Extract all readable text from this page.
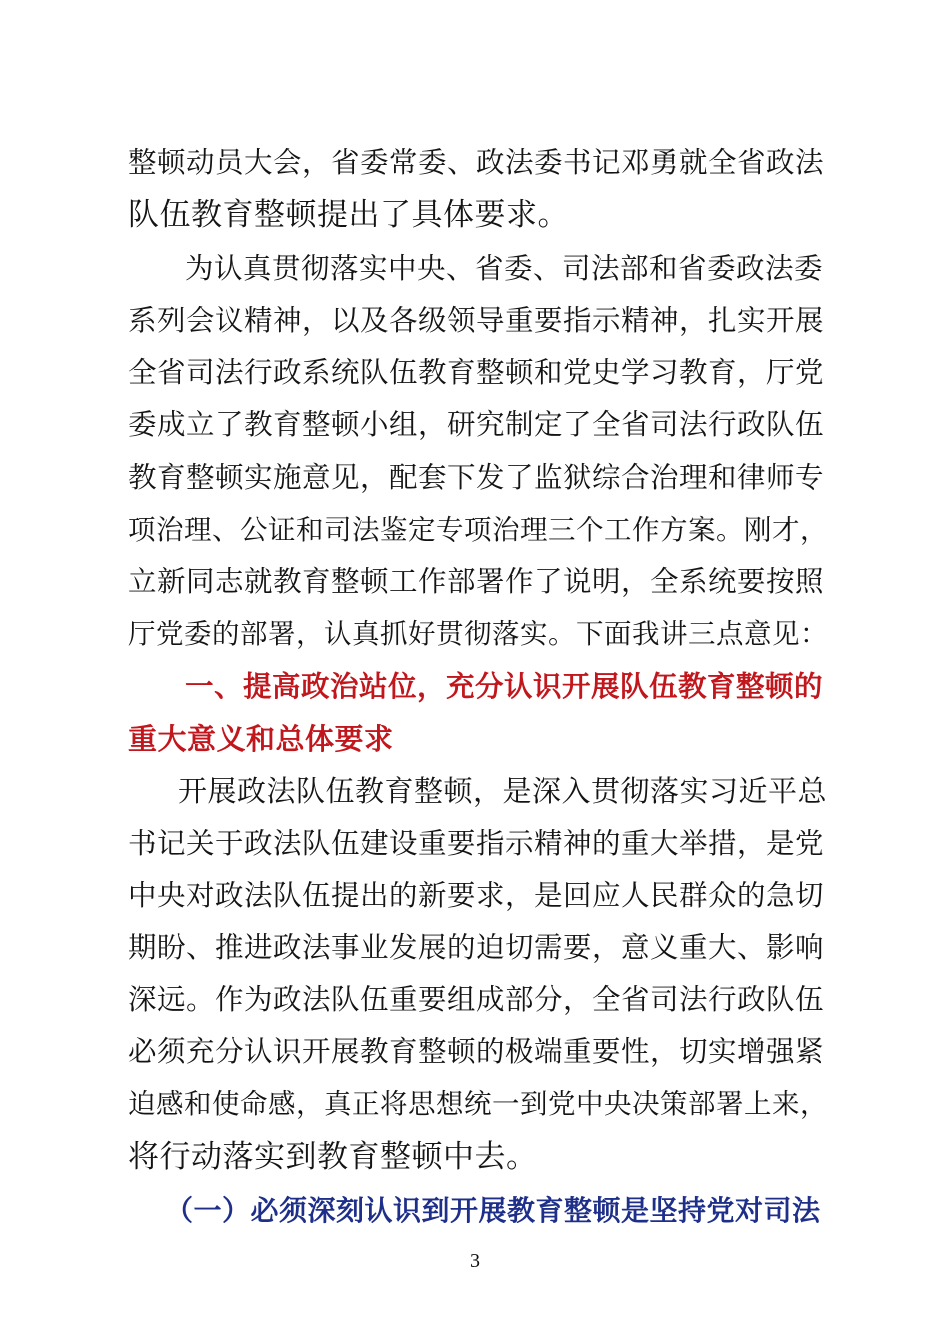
整顿动员大会，省委常委、政法委书记邓勇就全省政法
队伍教育整顿提出了具体要求。
为认真贯彻落实中央、省委、司法部和省委政法委
系列会议精神，以及各级领导重要指示精神，扎实开展
全省司法行政系统队伍教育整顿和党史学习教育，厅党
委成立了教育整顿小组，研究制定了全省司法行政队伍
教育整顿实施意见，配套下发了监狱综合治理和律师专
项治理、公证和司法鉴定专项治理三个工作方案。刚才，
立新同志就教育整顿工作部署作了说明，全系统要按照
厅党委的部署，认真抓好贯彻落实。下面我讲三点意见：
一、提高政治站位，充分认识开展队伍教育整顿的
重大意义和总体要求
开展政法队伍教育整顿，是深入贯彻落实习近平总
书记关于政法队伍建设重要指示精神的重大举措，是党
中央对政法队伍提出的新要求，是回应人民群众的急切
期盼、推进政法事业发展的迫切需要，意义重大、影响
深远。作为政法队伍重要组成部分，全省司法行政队伍
必须充分认识开展教育整顿的极端重要性，切实增强紧
迫感和使命感，真正将思想统一到党中央决策部署上来，
将行动落实到教育整顿中去。
（一）必须深刻认识到开展教育整顿是坚持党对司法
3
